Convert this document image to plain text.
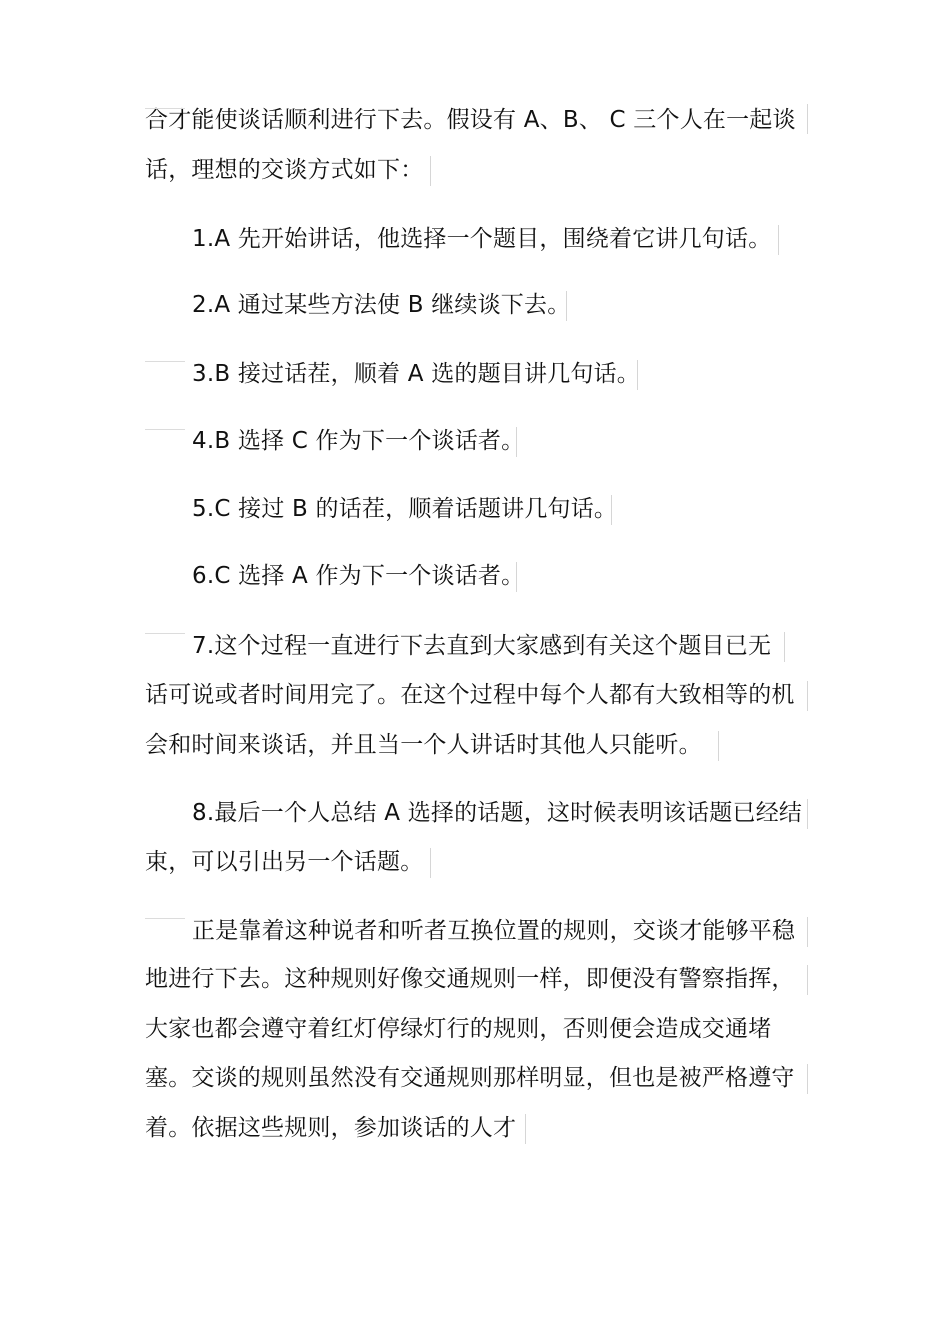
合才能使谈话顺利进行下去。假设有 A、B、 C 三个人在一起谈
话，理想的交谈方式如下：
1.A 先开始讲话，他选择一个题目，围绕着它讲几句话。
2.A 通过某些方法使 B 继续谈下去。
3.B 接过话茬，顺着 A 选的题目讲几句话。
4.B 选择 C 作为下一个谈话者。
5.C 接过 B 的话茬，顺着话题讲几句话。
6.C 选择 A 作为下一个谈话者。
7.这个过程一直进行下去直到大家感到有关这个题目已无
话可说或者时间用完了。在这个过程中每个人都有大致相等的机
会和时间来谈话，并且当一个人讲话时其他人只能听。
8.最后一个人总结 A 选择的话题，这时候表明该话题已经结
束，可以引出另一个话题。
正是靠着这种说者和听者互换位置的规则，交谈才能够平稳
地进行下去。这种规则好像交通规则一样，即便没有警察指挥，
大家也都会遵守着红灯停绿灯行的规则，否则便会造成交通堵
塞。交谈的规则虽然没有交通规则那样明显，但也是被严格遵守
着。依据这些规则，参加谈话的人才
